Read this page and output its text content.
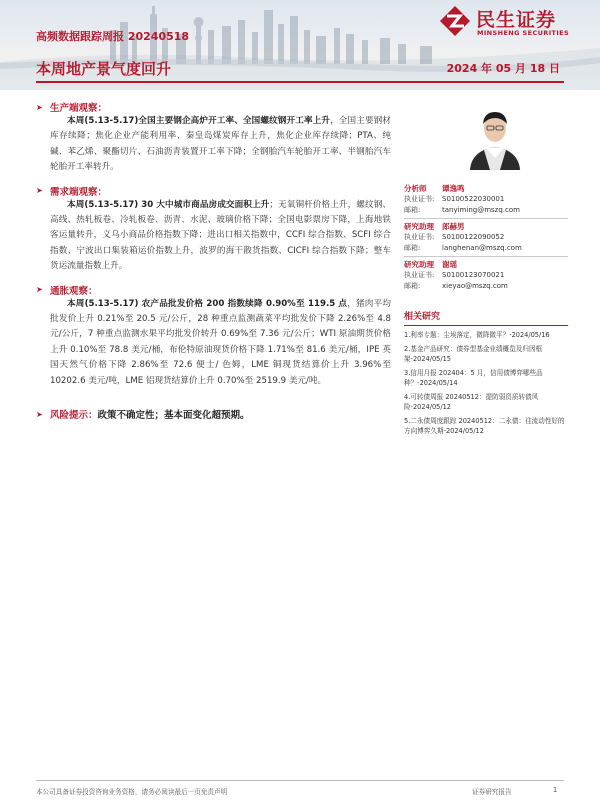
民生证券
MINSHENG SECURITIES
高频数据跟踪周报 20240518
本周地产景气度回升	2024 年 05 月 18 日
➤ 生产端观察：

本周(5.13-5.17)全国主要钢企高炉开工率、全国螺纹钢开工率上升，全国主要钢材库存续降；焦化企业产能利用率、秦皇岛煤炭库存上升，焦化企业库存续降；PTA、纯碱、苯乙烯、聚酯切片、石油沥青装置开工率下降；全钢胎汽车轮胎开工率、半钢胎汽车轮胎开工率转升。

➤ 需求端观察：

本周(5.13-5.17) 30 大中城市商品房成交面积上升；无氧铜杆价格上升，螺纹钢、高线、热轧板卷、冷轧板卷、沥青、水泥、玻璃价格下降；全国电影票房下降，上海地铁客运量转升，义乌小商品价格指数下降；进出口相关指数中，CCFI 综合指数、SCFI 综合指数、宁波出口集装箱运价指数上升，波罗的海干散货指数、CICFI 综合指数下降；整车货运流量指数上升。

➤ 通胀观察：

本周(5.13-5.17) 农产品批发价格 200 指数续降 0.90%至 119.5 点，猪肉平均批发价上升 0.21%至 20.5 元/公斤，28 种重点监测蔬菜平均批发价下降 2.26%至 4.8 元/公斤，7 种重点监测水果平均批发价转升 0.69%至 7.36 元/公斤；WTI 原油期货价格上升 0.10%至 78.8 美元/桶，布伦特原油现货价格下降 1.71%至 81.6 美元/桶，IPE 英国天然气价格下降 2.86%至 72.6 便士/ 色姆，LME 铜现货结算价上升 3.96%至 10202.6 美元/吨，LME 铝现货结算价上升 0.70%至 2519.9 美元/吨。

➤ 风险提示： 政策不确定性；基本面变化超预期。
分析师	谭逸鸣
执业证书:	S0100522030001
邮箱:	tanyiming@mszq.com
研究助理	郎赫男
执业证书:	S0100122090052
邮箱:	langhenan@mszq.com
研究助理	谢瑶
执业证书:	S0100123070021
邮箱:	xieyao@mszq.com
相关研究
1.利率专题：尘埃落定，微降微平？-2024/05/16
2.基金产品研究：债券型基金业绩概览及归因框架-2024/05/15
3.信用月报 202404：5 月，信用债博弈哪些品种？-2024/05/14
4.可转债周报 20240512：提防弱资质转债风险-2024/05/12
5.二永债周度跟踪 20240512：二永债：往流动性好的方向博弈久期-2024/05/12
本公司具备证券投资咨询业务资格，请务必阅读最后一页免责声明	证券研究报告	1
